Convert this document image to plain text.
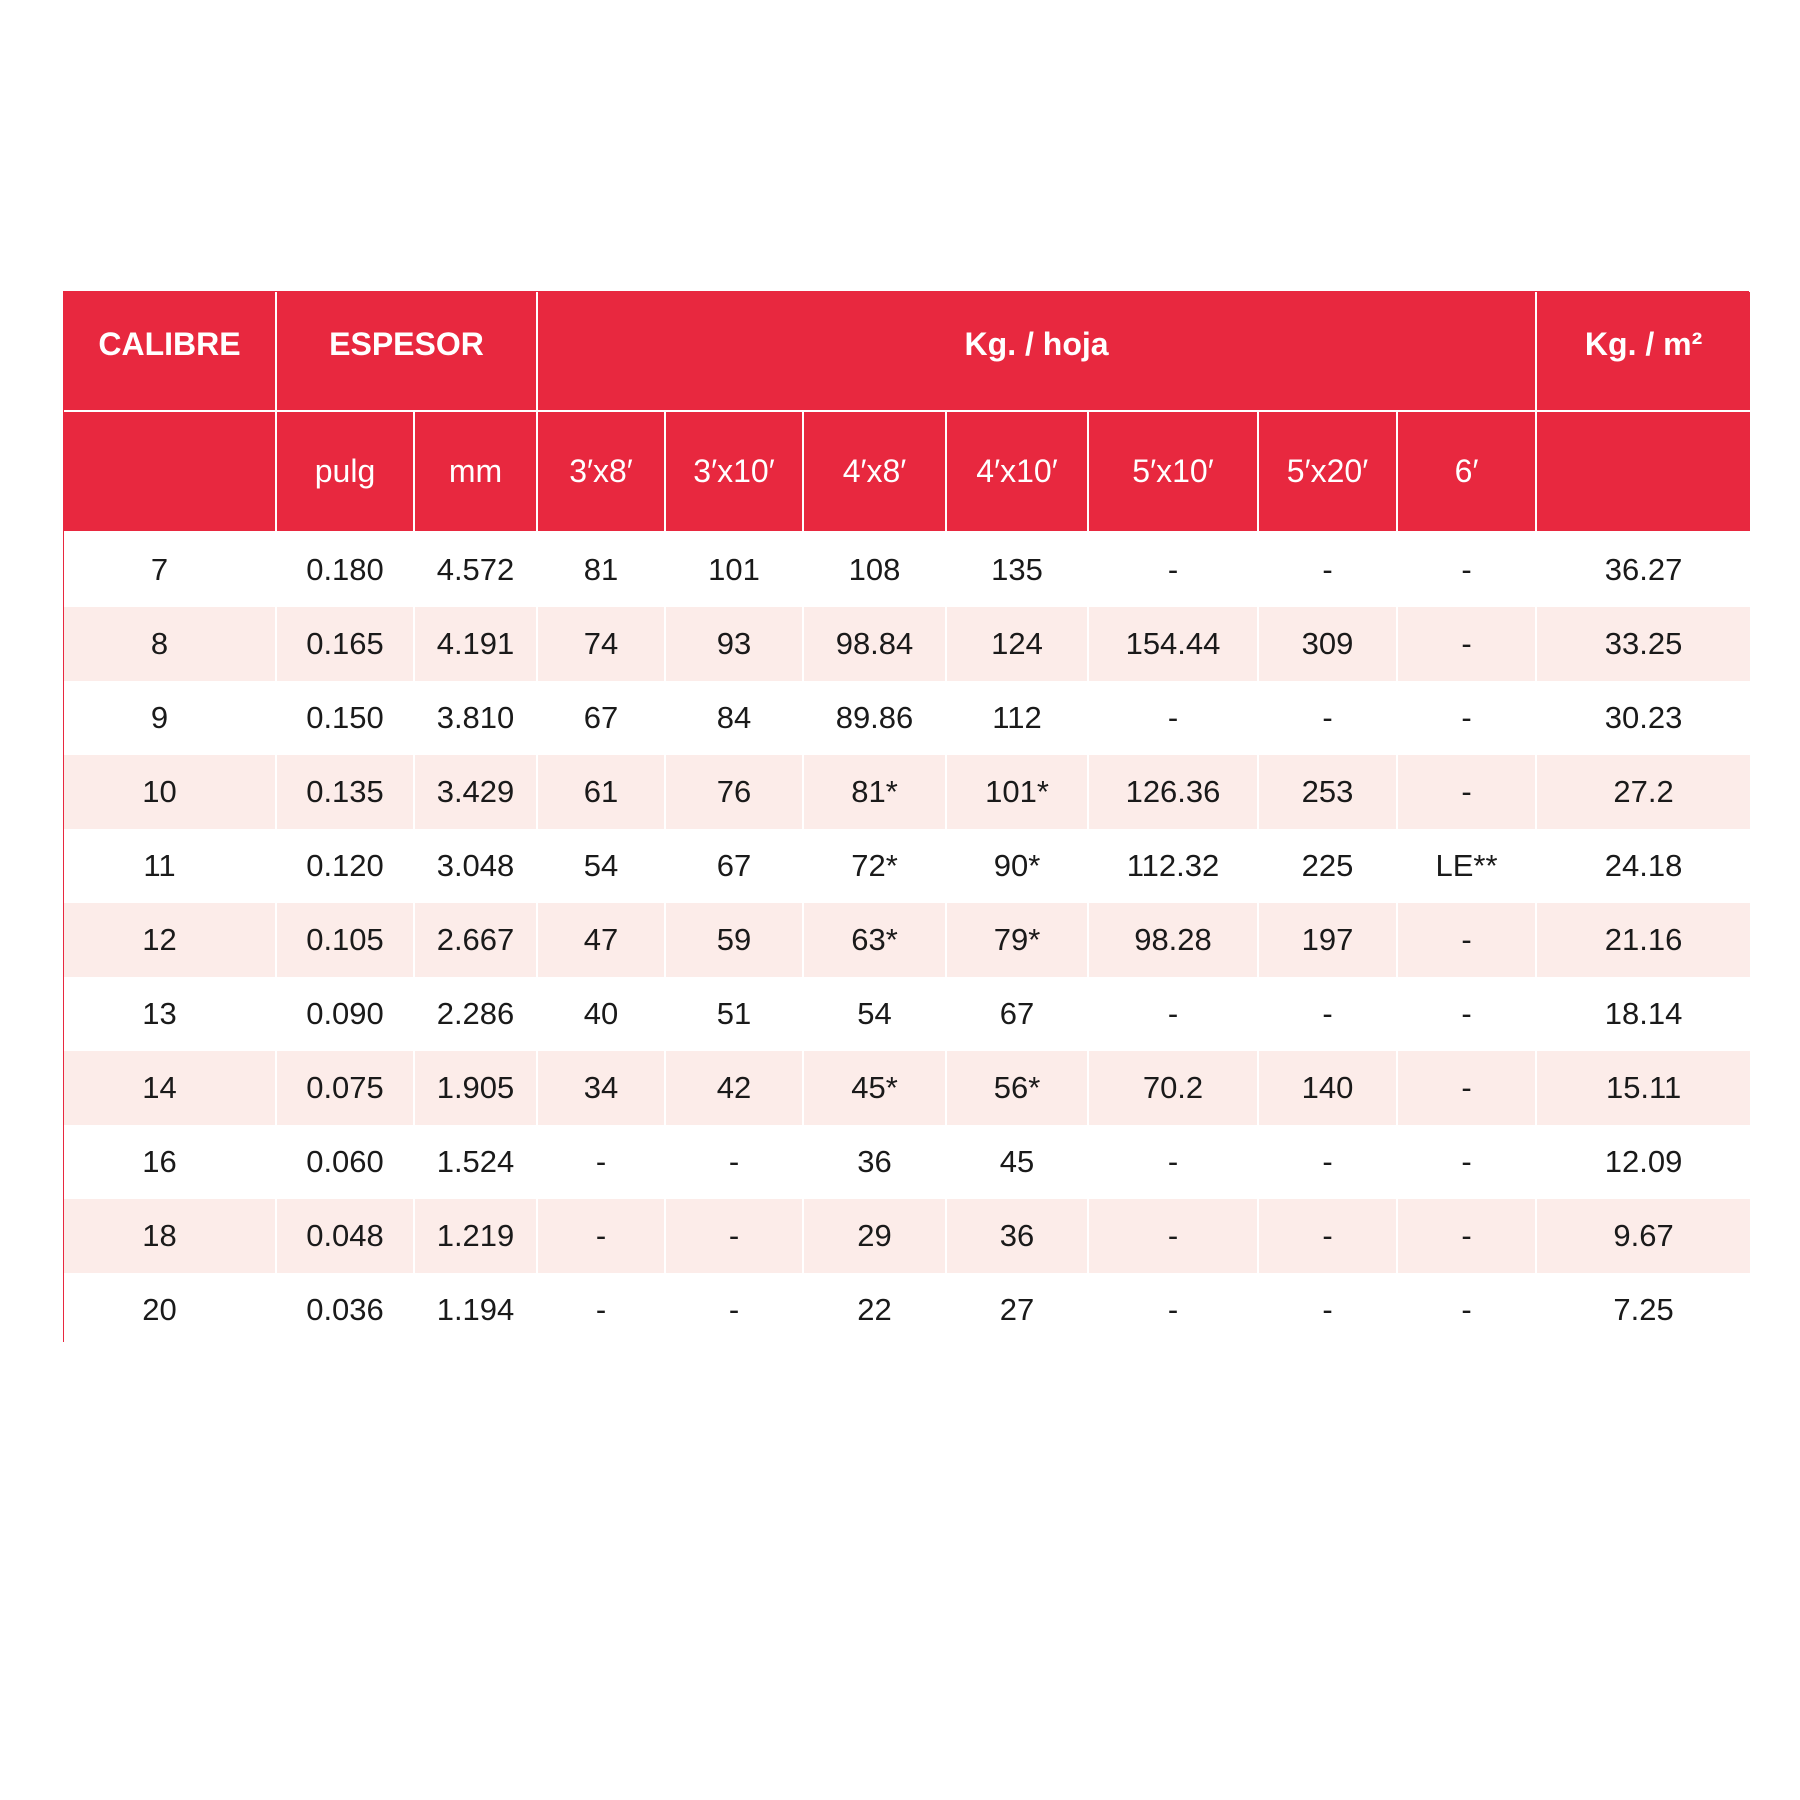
CALIBRE	ESPESOR		Kg. / hoja							Kg. / m²
	pulg	mm	3′x8′	3′x10′	4′x8′	4′x10′	5′x10′	5′x20′	6′	
7	0.180	4.572	81	101	108	135	-	-	-	36.27
8	0.165	4.191	74	93	98.84	124	154.44	309	-	33.25
9	0.150	3.810	67	84	89.86	112	-	-	-	30.23
10	0.135	3.429	61	76	81*	101*	126.36	253	-	27.2
11	0.120	3.048	54	67	72*	90*	112.32	225	LE**	24.18
12	0.105	2.667	47	59	63*	79*	98.28	197	-	21.16
13	0.090	2.286	40	51	54	67	-	-	-	18.14
14	0.075	1.905	34	42	45*	56*	70.2	140	-	15.11
16	0.060	1.524	-	-	36	45	-	-	-	12.09
18	0.048	1.219	-	-	29	36	-	-	-	9.67
20	0.036	1.194	-	-	22	27	-	-	-	7.25
